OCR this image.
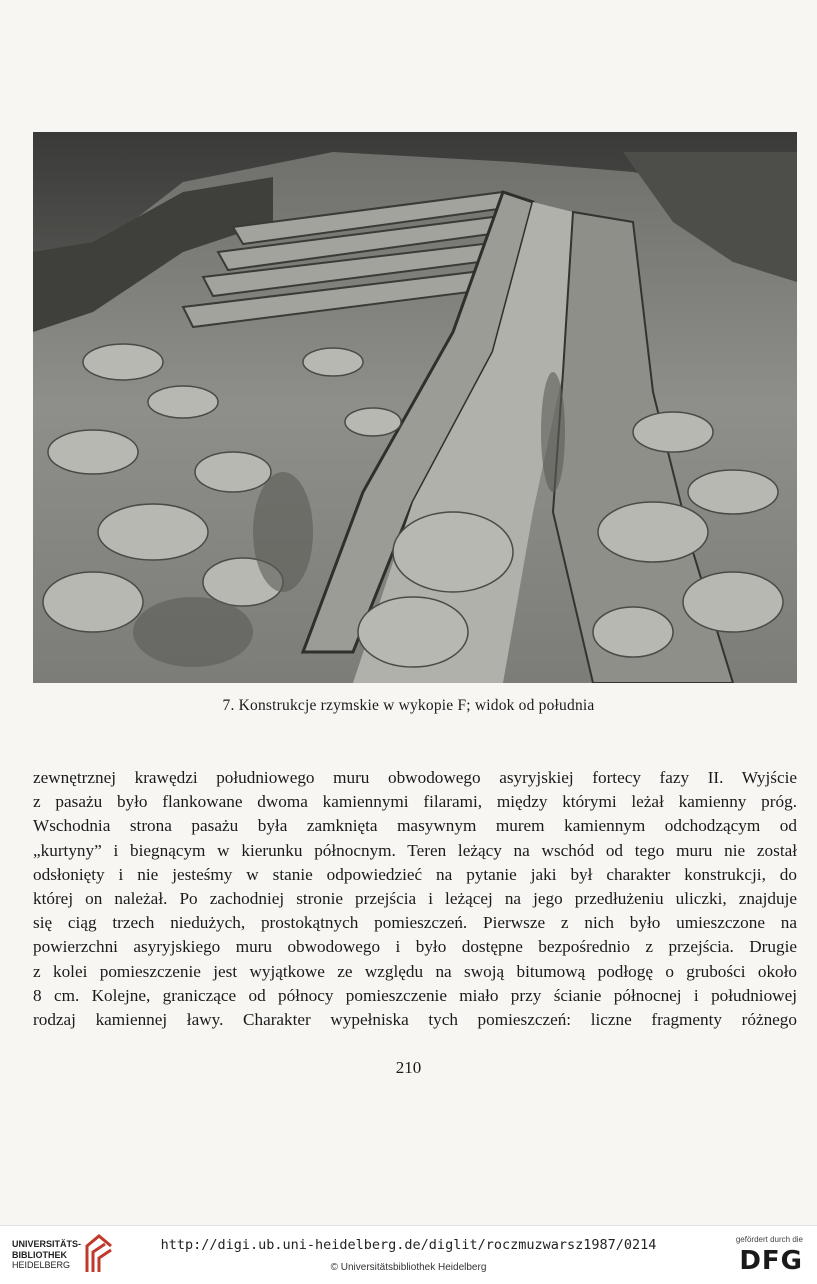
7. Konstrukcje rzymskie w wykopie F; widok od południa
zewnętrznej krawędzi południowego muru obwodowego asyryjskiej fortecy fazy II. Wyjście
z pasażu było flankowane dwoma kamiennymi filarami, między którymi leżał kamienny próg.
Wschodnia strona pasażu była zamknięta masywnym murem kamiennym odchodzącym od
„kurtyny” i biegnącym w kierunku północnym. Teren leżący na wschód od tego muru nie został
odsłonięty i nie jesteśmy w stanie odpowiedzieć na pytanie jaki był charakter konstrukcji, do
której on należał. Po zachodniej stronie przejścia i leżącej na jego przedłużeniu uliczki, znajduje
się ciąg trzech niedużych, prostokątnych pomieszczeń. Pierwsze z nich było umieszczone na
powierzchni asyryjskiego muru obwodowego i było dostępne bezpośrednio z przejścia. Drugie
z kolei pomieszczenie jest wyjątkowe ze względu na swoją bitumową podłogę o grubości około
8 cm. Kolejne, graniczące od północy pomieszczenie miało przy ścianie północnej i południowej
rodzaj kamiennej ławy. Charakter wypełniska tych pomieszczeń: liczne fragmenty różnego
210
UNIVERSITÄTS-
BIBLIOTHEK
HEIDELBERG
http://digi.ub.uni-heidelberg.de/diglit/roczmuzwarsz1987/0214
© Universitätsbibliothek Heidelberg
gefördert durch die
DFG
